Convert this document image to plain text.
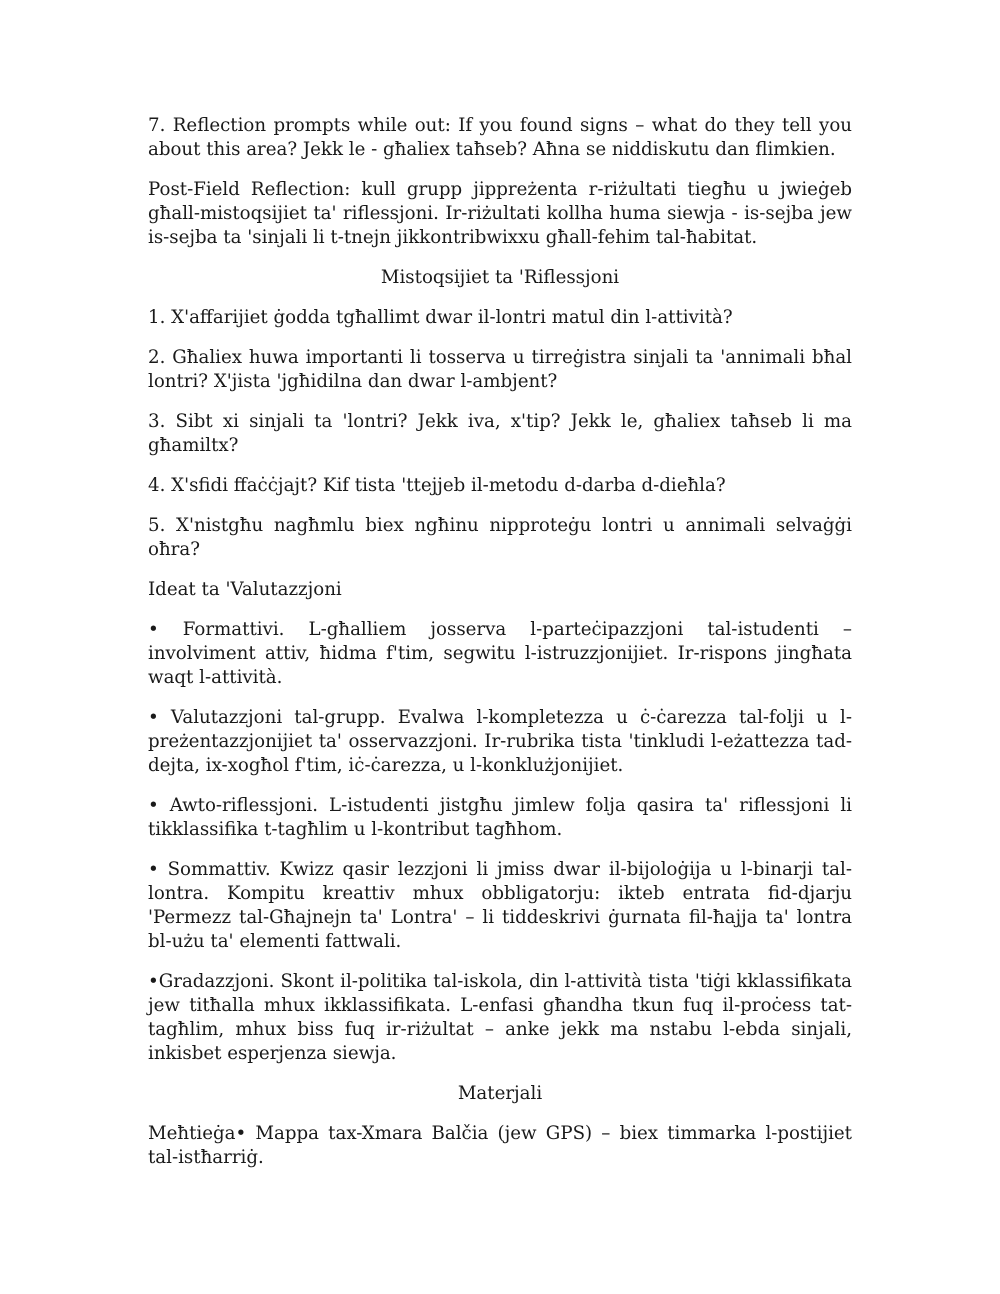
7. Reflection prompts while out: If you found signs – what do they tell you about this area? Jekk le - għaliex taħseb? Aħna se niddiskutu dan flimkien.

Post-Field Reflection: kull grupp jippreżenta r-riżultati tiegħu u jwieġeb għall-mistoqsijiet ta' riflessjoni. Ir-riżultati kollha huma siewja - is-sejba jew is-sejba ta 'sinjali li t-tnejn jikkontribwixxu għall-fehim tal-ħabitat.

Mistoqsijiet ta 'Riflessjoni

1. X'affarijiet ġodda tgħallimt dwar il-lontri matul din l-attività?

2. Għaliex huwa importanti li tosserva u tirreġistra sinjali ta 'annimali bħal lontri? X'jista 'jgħidilna dan dwar l-ambjent?

3. Sibt xi sinjali ta 'lontri? Jekk iva, x'tip? Jekk le, għaliex taħseb li ma għamiltx?

4. X'sfidi ffaċċjajt? Kif tista 'ttejjeb il-metodu d-darba d-dieħla?

5. X'nistgħu nagħmlu biex ngħinu nipproteġu lontri u annimali selvaġġi oħra?

Ideat ta 'Valutazzjoni

• Formattivi. L-għalliem josserva l-parteċipazzjoni tal-istudenti – involviment attiv, ħidma f'tim, segwitu l-istruzzjonijiet. Ir-rispons jingħata waqt l-attività.

• Valutazzjoni tal-grupp. Evalwa l-kompletezza u ċ-ċarezza tal-folji u l-preżentazzjonijiet ta' osservazzjoni. Ir-rubrika tista 'tinkludi l-eżattezza tad-dejta, ix-xogħol f'tim, iċ-ċarezza, u l-konklużjonijiet.

• Awto-riflessjoni. L-istudenti jistgħu jimlew folja qasira ta' riflessjoni li tikklassifika t-tagħlim u l-kontribut tagħhom.

• Sommattiv. Kwizz qasir lezzjoni li jmiss dwar il-bijoloġija u l-binarji tal-lontra. Kompitu kreattiv mhux obbligatorju: ikteb entrata fid-djarju 'Permezz tal-Għajnejn ta' Lontra' – li tiddeskrivi ġurnata fil-ħajja ta' lontra bl-użu ta' elementi fattwali.

•Gradazzjoni. Skont il-politika tal-iskola, din l-attività tista 'tiġi kklassifikata jew titħalla mhux ikklassifikata. L-enfasi għandha tkun fuq il-proċess tat-tagħlim, mhux biss fuq ir-riżultat – anke jekk ma nstabu l-ebda sinjali, inkisbet esperjenza siewja.

Materjali

Meħtieġa• Mappa tax-Xmara Balčia (jew GPS) – biex timmarka l-postijiet tal-istħarriġ.
